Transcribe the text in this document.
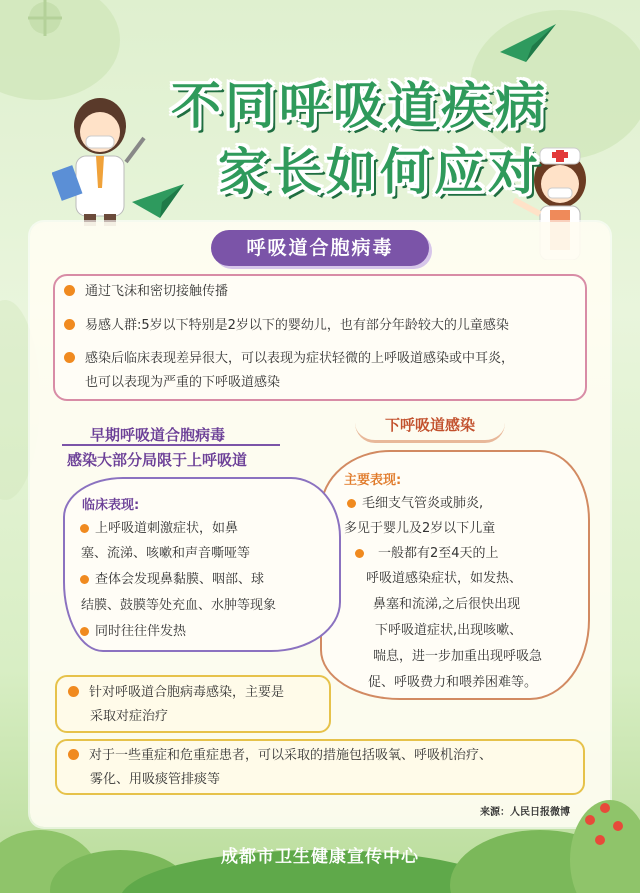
不同呼吸道疾病
家长如何应对
呼吸道合胞病毒
通过飞沫和密切接触传播
易感人群:5岁以下特别是2岁以下的婴幼儿，也有部分年龄较大的儿童感染
感染后临床表现差异很大，可以表现为症状轻微的上呼吸道感染或中耳炎，
也可以表现为严重的下呼吸道感染
早期呼吸道合胞病毒
感染大部分局限于上呼吸道
下呼吸道感染
主要表现:
毛细支气管炎或肺炎,
多见于婴儿及2岁以下儿童
一般都有2至4天的上
呼吸道感染症状，如发热、
鼻塞和流涕,之后很快出现
下呼吸道症状,出现咳嗽、
喘息，进一步加重出现呼吸急
促、呼吸费力和喂养困难等。
临床表现:
上呼吸道刺激症状，如鼻
塞、流涕、咳嗽和声音嘶哑等
查体会发现鼻黏膜、咽部、球
结膜、鼓膜等处充血、水肿等现象
同时往往伴发热
针对呼吸道合胞病毒感染，主要是
采取对症治疗
对于一些重症和危重症患者，可以采取的措施包括吸氧、呼吸机治疗、
雾化、用吸痰管排痰等
来源：人民日报微博
成都市卫生健康宣传中心
